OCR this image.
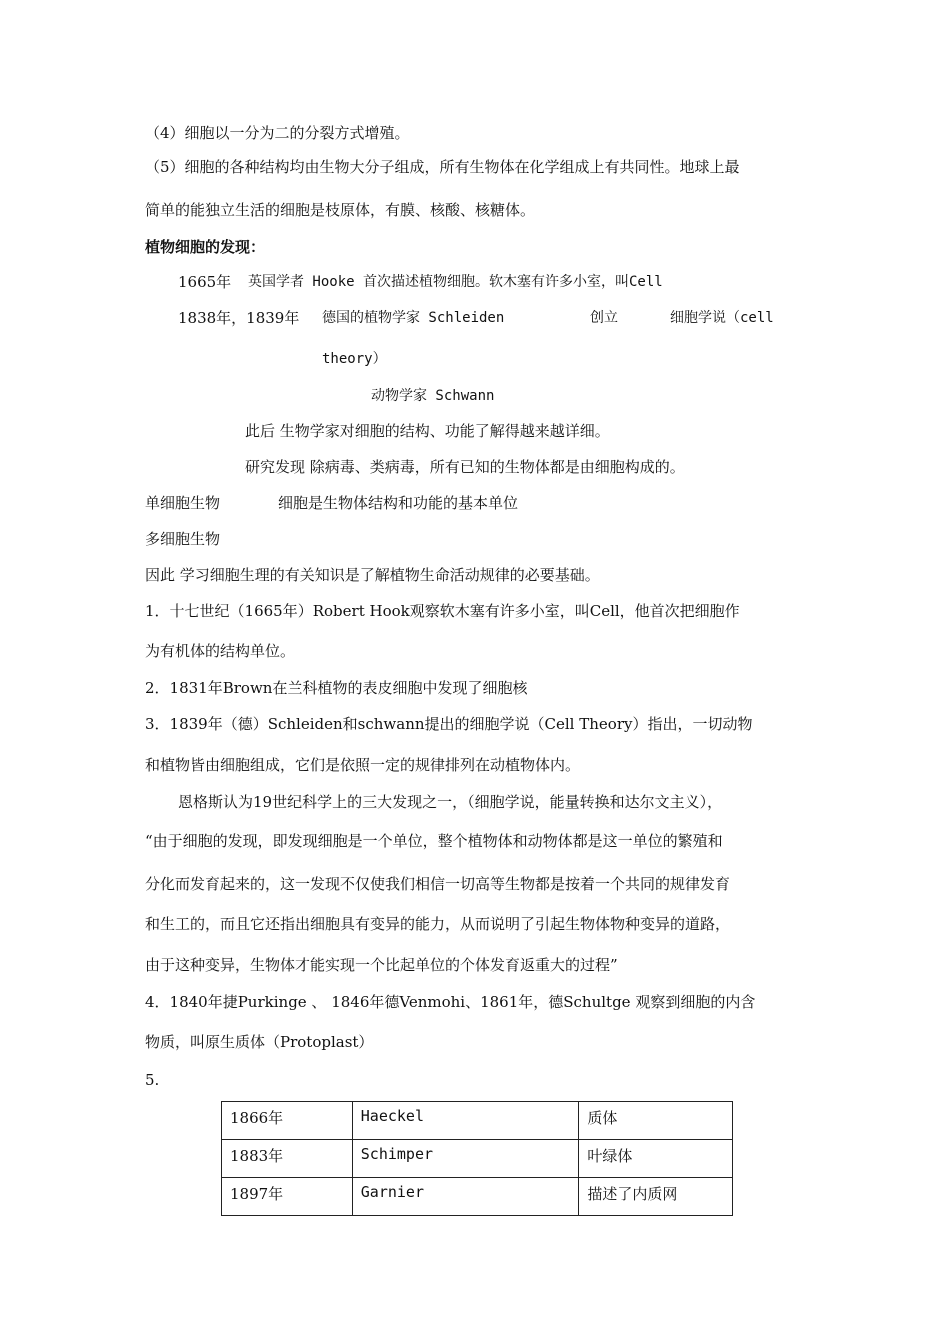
（4）细胞以一分为二的分裂方式增殖。
（5）细胞的各种结构均由生物大分子组成，所有生物体在化学组成上有共同性。地球上最
简单的能独立生活的细胞是枝原体，有膜、核酸、核糖体。
植物细胞的发现：
1665年 英国学者 Hooke 首次描述植物细胞。软木塞有许多小室，叫Cell
1838年，1839年 德国的植物学家 Schleiden	创立	细胞学说（cell
theory）
动物学家 Schwann
此后 生物学家对细胞的结构、功能了解得越来越详细。
研究发现 除病毒、类病毒，所有已知的生物体都是由细胞构成的。
单细胞生物	细胞是生物体结构和功能的基本单位
多细胞生物
因此 学习细胞生理的有关知识是了解植物生命活动规律的必要基础。
1．十七世纪（1665年）Robert Hook观察软木塞有许多小室，叫Cell，他首次把细胞作
为有机体的结构单位。
2．1831年Brown在兰科植物的表皮细胞中发现了细胞核
3．1839年（德）Schleiden和schwann提出的细胞学说（Cell Theory）指出，一切动物
和植物皆由细胞组成，它们是依照一定的规律排列在动植物体内。
恩格斯认为19世纪科学上的三大发现之一，（细胞学说，能量转换和达尔文主义），
“由于细胞的发现，即发现细胞是一个单位，整个植物体和动物体都是这一单位的繁殖和
分化而发育起来的，这一发现不仅使我们相信一切高等生物都是按着一个共同的规律发育
和生工的，而且它还指出细胞具有变异的能力，从而说明了引起生物体物种变异的道路，
由于这种变异，生物体才能实现一个比起单位的个体发育返重大的过程”
4．1840年捷Purkinge 、 1846年德Venmohi、1861年，德Schultge 观察到细胞的内含
物质，叫原生质体（Protoplast）
5.
1866年	Haeckel	质体
1883年	Schimper	叶绿体
1897年	Garnier	描述了内质网
